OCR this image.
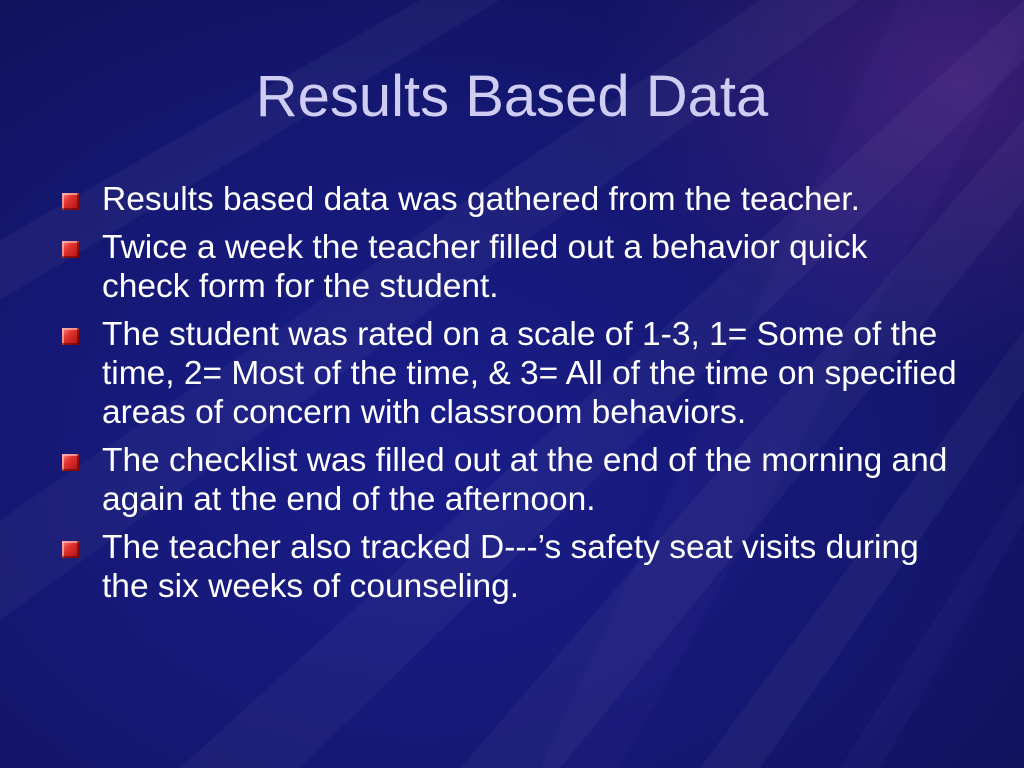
Results Based Data
Results based data was gathered from the teacher.
Twice a week the teacher filled out a behavior quick check form for the student.
The student was rated on a scale of 1-3, 1= Some of the time, 2= Most of the time, & 3= All of the time on specified areas of concern with classroom behaviors.
The checklist was filled out at the end of the morning and again at the end of the afternoon.
The teacher also tracked D---’s safety seat visits during the six weeks of counseling.
